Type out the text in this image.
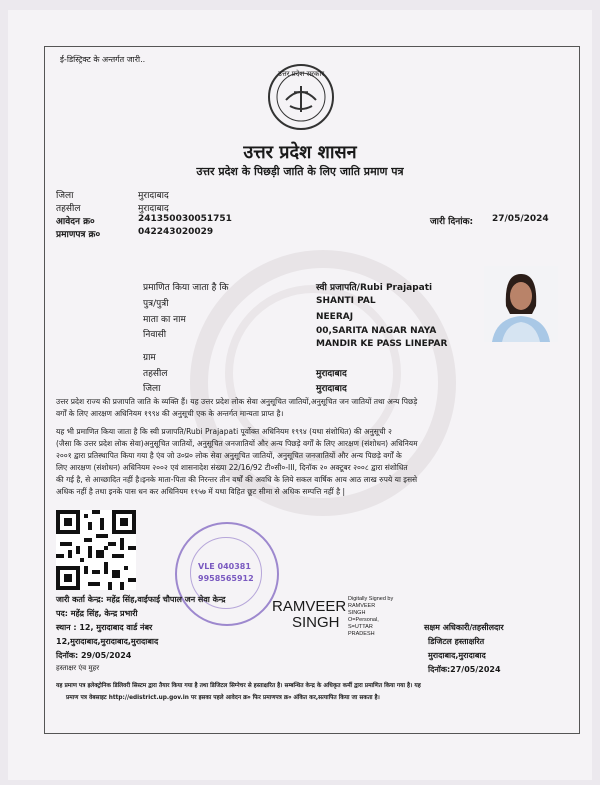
ई-डिस्ट्रिक्ट के अन्तर्गत जारी..
उत्तर प्रदेश सरकार
उत्तर प्रदेश शासन
उत्तर प्रदेश के पिछड़ी जाति के लिए जाति प्रमाण पत्र
जिला	मुरादाबाद
तहसील	मुरादाबाद
आवेदन क्र०	241350030051751
प्रमाणपत्र क्र०	042243020029
जारी दिनांक: 27/05/2024
प्रमाणित किया जाता है कि	स्वी प्रजापति/Rubi Prajapati
पुत्र/पुत्री	SHANTI PAL
माता का नाम	NEERAJ
निवासी	00,SARITA NAGAR NAYA
MANDIR KE PASS LINEPAR
ग्राम
तहसील	मुरादाबाद
जिला	मुरादाबाद
उत्तर प्रदेश राज्य की प्रजापति जाति के व्यक्ति हैं। यह उत्तर प्रदेश लोक सेवा अनुसूचित जातियों,अनुसूचित जन जातियों तथा अन्य पिछड़े
वर्गों के लिए आरक्षण अधिनियम १९९४ की अनुसूची एक के अन्तर्गत मान्यता प्राप्त है।
यह भी प्रमाणित किया जाता है कि स्वी प्रजापति/Rubi Prajapati पूर्वोक्त अधिनियम १९९४ (यथा संशोधित) की अनुसूची २
(जैसा कि उत्तर प्रदेश लोक सेवा)अनुसूचित जातियों, अनुसूचित जनजातियों और अन्य पिछड़े वर्गों के लिए आरक्षण (संशोधन) अधिनियम
२००१ द्वारा प्रतिस्थापित किया गया है एंव जो उ०प्र० लोक सेवा अनुसूचित जातियों, अनुसूचित जनजातियों और अन्य पिछड़े वर्गों के
लिए आरक्षण (संशोधन) अधिनियम २००२ एवं शासनादेश संख्या 22/16/92 टी०सी०-III, दिनॉक २० अक्टूबर २००८ द्वारा संशोधित
की गई है, से आच्छादित नहीं है।इनके माता-पिता की निरन्तर तीन वर्षों की अवधि के लिये सकल वार्षिक आय आठ लाख रुपये या इससे
अधिक नहीं है तथा इनके पास धन कर अधिनियम १९५७ में यथा विहित छूट सीमा से अधिक सम्पत्ति नहीं है |
VLE 040381
9958565912
जारी कर्ता केन्द्र: महेंद्र सिंह,वाईफाई चौपाल जन सेवा केन्द्र
पद: महेंद्र सिंह, केन्द्र प्रभारी
स्थान : 12, मुरादाबाद वार्ड नंबर
12,मुरादाबाद,मुरादाबाद,मुरादाबाद
दिनॉक: 29/05/2024
हस्ताक्षर एंव मुहर
RAMVEER
SINGH
Digitally Signed by
RAMVEER
SINGH
O=Personal,
S=UTTAR
PRADESH
सक्षम अधिकारी/तहसीलदार
डिजिटल हस्ताक्षरित
मुरादाबाद,मुरादाबाद
दिनॉक:27/05/2024
यह प्रमाण पत्र इलेक्ट्रोनिक डिलिवरी सिस्टम द्वारा तैयार किया गया है तथा डिजिटल सिग्नेचर से हस्ताक्षरित है। सम्बन्धित केन्द्र के अधिकृत कर्मी द्वारा प्रमाणित किया गया है। यह
प्रमाण पत्र वेबसाइट http://edistrict.up.gov.in पर इसका पहले आवेदन क्र० फिर प्रमाणपत्र क्र० अंकित कर,सत्यापित किया जा सकता है।
